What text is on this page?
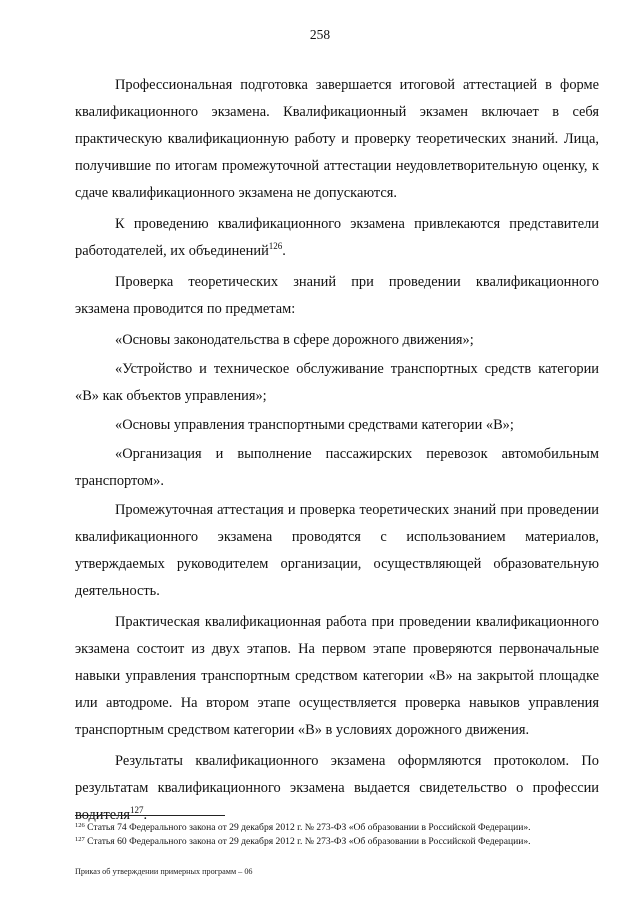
258

Профессиональная подготовка завершается итоговой аттестацией в форме квалификационного экзамена. Квалификационный экзамен включает в себя практическую квалификационную работу и проверку теоретических знаний. Лица, получившие по итогам промежуточной аттестации неудовлетворительную оценку, к сдаче квалификационного экзамена не допускаются.

К проведению квалификационного экзамена привлекаются представители работодателей, их объединений$^{126}$.

Проверка теоретических знаний при проведении квалификационного экзамена проводится по предметам:

«Основы законодательства в сфере дорожного движения»;

«Устройство и техническое обслуживание транспортных средств категории «В» как объектов управления»;

«Основы управления транспортными средствами категории «В»;

«Организация и выполнение пассажирских перевозок автомобильным транспортом».

Промежуточная аттестация и проверка теоретических знаний при проведении квалификационного экзамена проводятся с использованием материалов, утверждаемых руководителем организации, осуществляющей образовательную деятельность.

Практическая квалификационная работа при проведении квалификационного экзамена состоит из двух этапов. На первом этапе проверяются первоначальные навыки управления транспортным средством категории «В» на закрытой площадке или автодроме. На втором этапе осуществляется проверка навыков управления транспортным средством категории «В» в условиях дорожного движения.

Результаты квалификационного экзамена оформляются протоколом. По результатам квалификационного экзамена выдается свидетельство о профессии водителя$^{127}$.

$^{126}$ Статья 74 Федерального закона от 29 декабря 2012 г. № 273-ФЗ «Об образовании в Российской Федерации».

$^{127}$ Статья 60 Федерального закона от 29 декабря 2012 г. № 273-ФЗ «Об образовании в Российской Федерации».

Приказ об утверждении примерных программ – 06
